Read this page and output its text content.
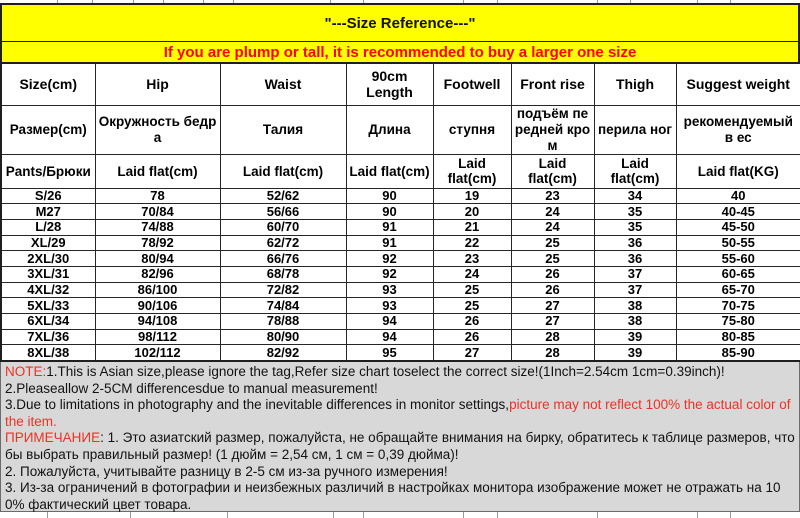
"---Size Reference---"
If you are plump or tall, it is recommended to buy a larger one size
Size(cm)	Hip	Waist	90cm Length	Footwell	Front rise	Thigh	Suggest weight
Размер(cm)	Окружность бедра	Талия	Длина	ступня	подъём передней кром	перила ног	рекомендуемый в ес
Pants/Брюки	Laid flat(cm)	Laid flat(cm)	Laid flat(cm)	Laid flat(cm)	Laid flat(cm)	Laid flat(cm)	Laid flat(KG)
S/26	78	52/62	90	19	23	34	40
M27	70/84	56/66	90	20	24	35	40-45
L/28	74/88	60/70	91	21	24	35	45-50
XL/29	78/92	62/72	91	22	25	36	50-55
2XL/30	80/94	66/76	92	23	25	36	55-60
3XL/31	82/96	68/78	92	24	26	37	60-65
4XL/32	86/100	72/82	93	25	26	37	65-70
5XL/33	90/106	74/84	93	25	27	38	70-75
6XL/34	94/108	78/88	94	26	27	38	75-80
7XL/36	98/112	80/90	94	26	28	39	80-85
8XL/38	102/112	82/92	95	27	28	39	85-90
NOTE:1.This is Asian size,please ignore the tag,Refer size chart toselect the correct size!(1Inch=2.54cm 1cm=0.39inch)!
2.Pleaseallow 2-5CM differencesdue to manual measurement!
3.Due to limitations in photography and the inevitable differences in monitor settings,picture may not reflect 100% the actual color of the item.
ПРИМЕЧАНИЕ: 1. Это азиатский размер, пожалуйста, не обращайте внимания на бирку, обратитесь к таблице размеров, чтобы выбрать правильный размер! (1 дюйм = 2,54 см, 1 см = 0,39 дюйма)!
2. Пожалуйста, учитывайте разницу в 2-5 см из-за ручного измерения!
3. Из-за ограничений в фотографии и неизбежных различий в настройках монитора изображение может не отражать на 100% фактический цвет товара.
